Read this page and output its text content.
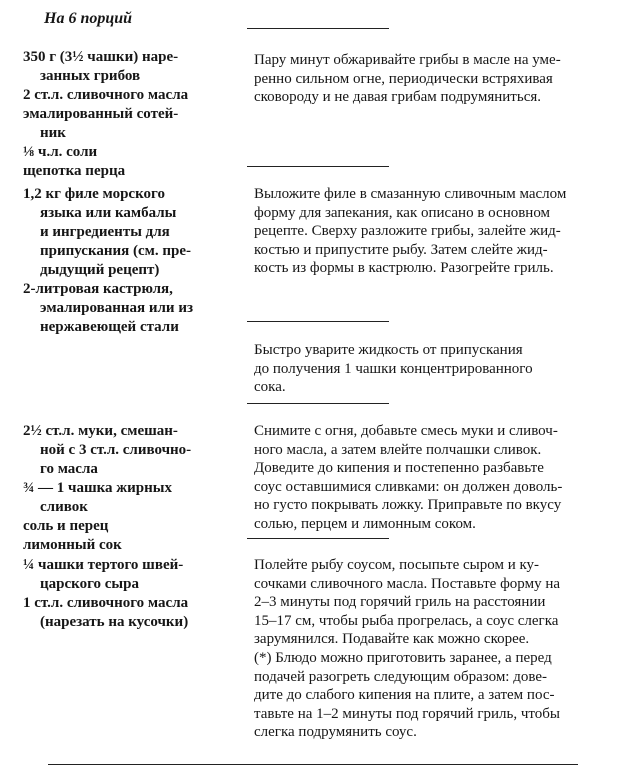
На 6 порций
350 г (3½ чашки) наре-
занных грибов
2 ст.л. сливочного масла
эмалированный сотей-
ник
⅛ ч.л. соли
щепотка перца
Пару минут обжаривайте грибы в масле на уме-
ренно сильном огне, периодически встряхивая
сковороду и не давая грибам подрумяниться.
1,2 кг филе морского
языка или камбалы
и ингредиенты для
припускания (см. пре-
дыдущий рецепт)
2-литровая кастрюля,
эмалированная или из
нержавеющей стали
Выложите филе в смазанную сливочным маслом
форму для запекания, как описано в основном
рецепте. Сверху разложите грибы, залейте жид-
костью и припустите рыбу. Затем слейте жид-
кость из формы в кастрюлю. Разогрейте гриль.
Быстро уварите жидкость от припускания
до получения 1 чашки концентрированного
сока.
2½ ст.л. муки, смешан-
ной с 3 ст.л. сливочно-
го масла
¾ — 1 чашка жирных
сливок
соль и перец
лимонный сок
Снимите с огня, добавьте смесь муки и сливоч-
ного масла, а затем влейте полчашки сливок.
Доведите до кипения и постепенно разбавьте
соус оставшимися сливками: он должен доволь-
но густо покрывать ложку. Приправьте по вкусу
солью, перцем и лимонным соком.
¼ чашки тертого швей-
царского сыра
1 ст.л. сливочного масла
(нарезать на кусочки)
Полейте рыбу соусом, посыпьте сыром и ку-
сочками сливочного масла. Поставьте форму на
2–3 минуты под горячий гриль на расстоянии
15–17 см, чтобы рыба прогрелась, а соус слегка
зарумянился. Подавайте как можно скорее.
(*) Блюдо можно приготовить заранее, а перед
подачей разогреть следующим образом: дове-
дите до слабого кипения на плите, а затем пос-
тавьте на 1–2 минуты под горячий гриль, чтобы
слегка подрумянить соус.
